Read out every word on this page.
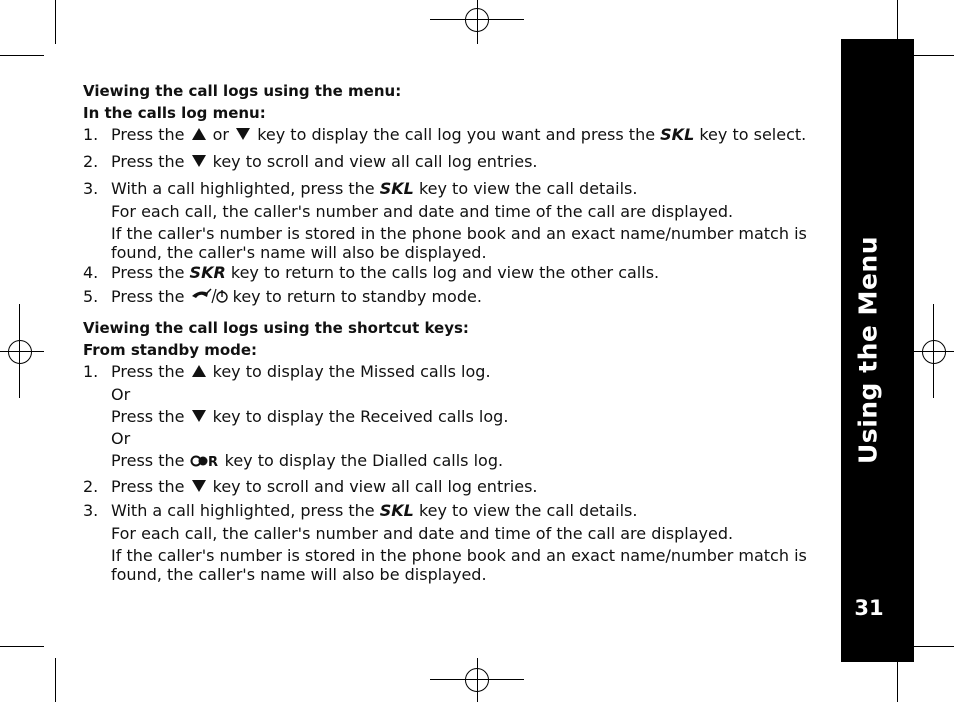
Using the Menu
31
Viewing the call logs using the menu:
In the calls log menu:
1. Press the or key to display the call log you want and press the SKL key to select.
2. Press the key to scroll and view all call log entries.
3. With a call highlighted, press the SKL key to view the call details.
For each call, the caller's number and date and time of the call are displayed.
If the caller's number is stored in the phone book and an exact name/number match is found, the caller's name will also be displayed.
4. Press the SKR key to return to the calls log and view the other calls.
5. Press the	key to return to standby mode.
Viewing the call logs using the shortcut keys:
From standby mode:
1. Press the key to display the Missed calls log.
Or
Press the key to display the Received calls log.
Or
Press the R key to display the Dialled calls log.
2. Press the key to scroll and view all call log entries.
3. With a call highlighted, press the SKL key to view the call details.
For each call, the caller's number and date and time of the call are displayed.
If the caller's number is stored in the phone book and an exact name/number match is found, the caller's name will also be displayed.
